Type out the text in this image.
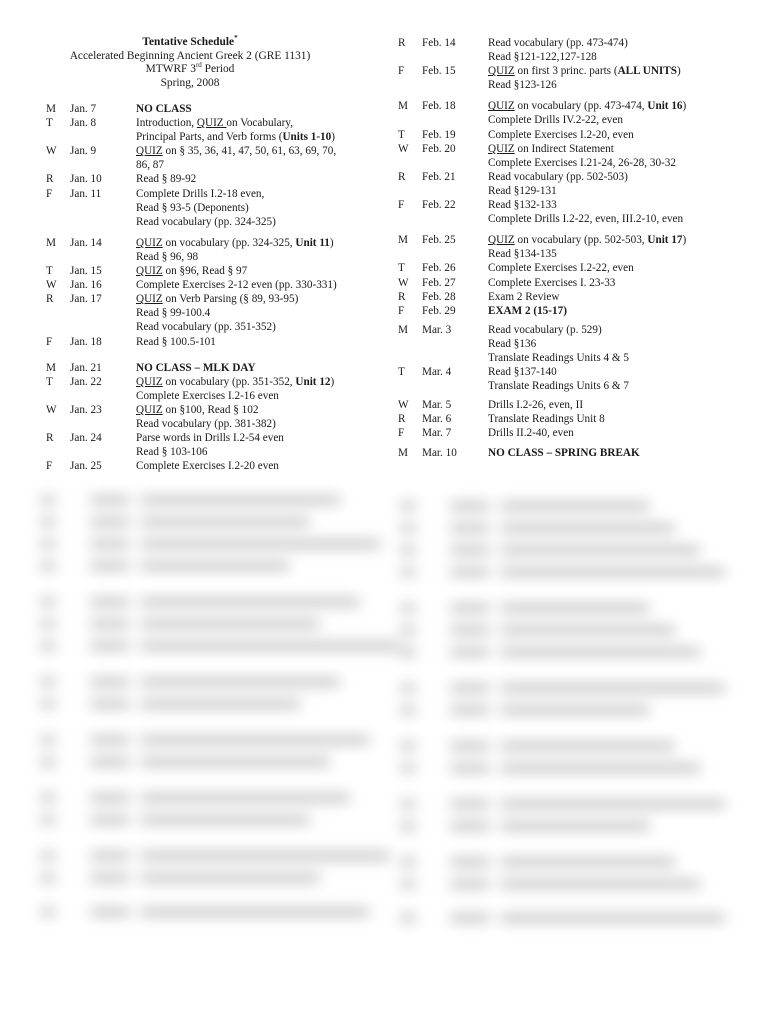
Tentative Schedule*
Accelerated Beginning Ancient Greek 2 (GRE 1131)
MTWRF 3rd Period
Spring, 2008
M Jan. 7	NO CLASS
T Jan. 8	Introduction, QUIZ on Vocabulary,
Principal Parts, and Verb forms (Units 1-10)
W Jan. 9	QUIZ on § 35, 36, 41, 47, 50, 61, 63, 69, 70,
86, 87
R Jan. 10	Read § 89-92
F Jan. 11	Complete Drills I.2-18 even,
Read § 93-5 (Deponents)
Read vocabulary (pp. 324-325)
M Jan. 14	QUIZ on vocabulary (pp. 324-325, Unit 11)
Read § 96, 98
T Jan. 15	QUIZ on §96, Read § 97
W Jan. 16	Complete Exercises 2-12 even (pp. 330-331)
R Jan. 17	QUIZ on Verb Parsing (§ 89, 93-95)
Read § 99-100.4
Read vocabulary (pp. 351-352)
F Jan. 18	Read § 100.5-101
M Jan. 21	NO CLASS – MLK DAY
T Jan. 22	QUIZ on vocabulary (pp. 351-352, Unit 12)
Complete Exercises I.2-16 even
W Jan. 23	QUIZ on §100, Read § 102
Read vocabulary (pp. 381-382)
R Jan. 24	Parse words in Drills I.2-54 even
Read § 103-106
F Jan. 25	Complete Exercises I.2-20 even
R Feb. 14	Read vocabulary (pp. 473-474)
Read §121-122,127-128
F Feb. 15	QUIZ on first 3 princ. parts (ALL UNITS)
Read §123-126
M Feb. 18	QUIZ on vocabulary (pp. 473-474, Unit 16)
Complete Drills IV.2-22, even
T Feb. 19	Complete Exercises I.2-20, even
W Feb. 20	QUIZ on Indirect Statement
Complete Exercises I.21-24, 26-28, 30-32
R Feb. 21	Read vocabulary (pp. 502-503)
Read §129-131
F Feb. 22	Read §132-133
Complete Drills I.2-22, even, III.2-10, even
M Feb. 25	QUIZ on vocabulary (pp. 502-503, Unit 17)
Read §134-135
T Feb. 26	Complete Exercises I.2-22, even
W Feb. 27	Complete Exercises I. 23-33
R Feb. 28	Exam 2 Review
F Feb. 29	EXAM 2 (15-17)
M Mar. 3	Read vocabulary (p. 529)
Read §136
Translate Readings Units 4 & 5
T Mar. 4	Read §137-140
Translate Readings Units 6 & 7
W Mar. 5	Drills I.2-26, even, II
R Mar. 6	Translate Readings Unit 8
F Mar. 7	Drills II.2-40, even
M Mar. 10	NO CLASS – SPRING BREAK
